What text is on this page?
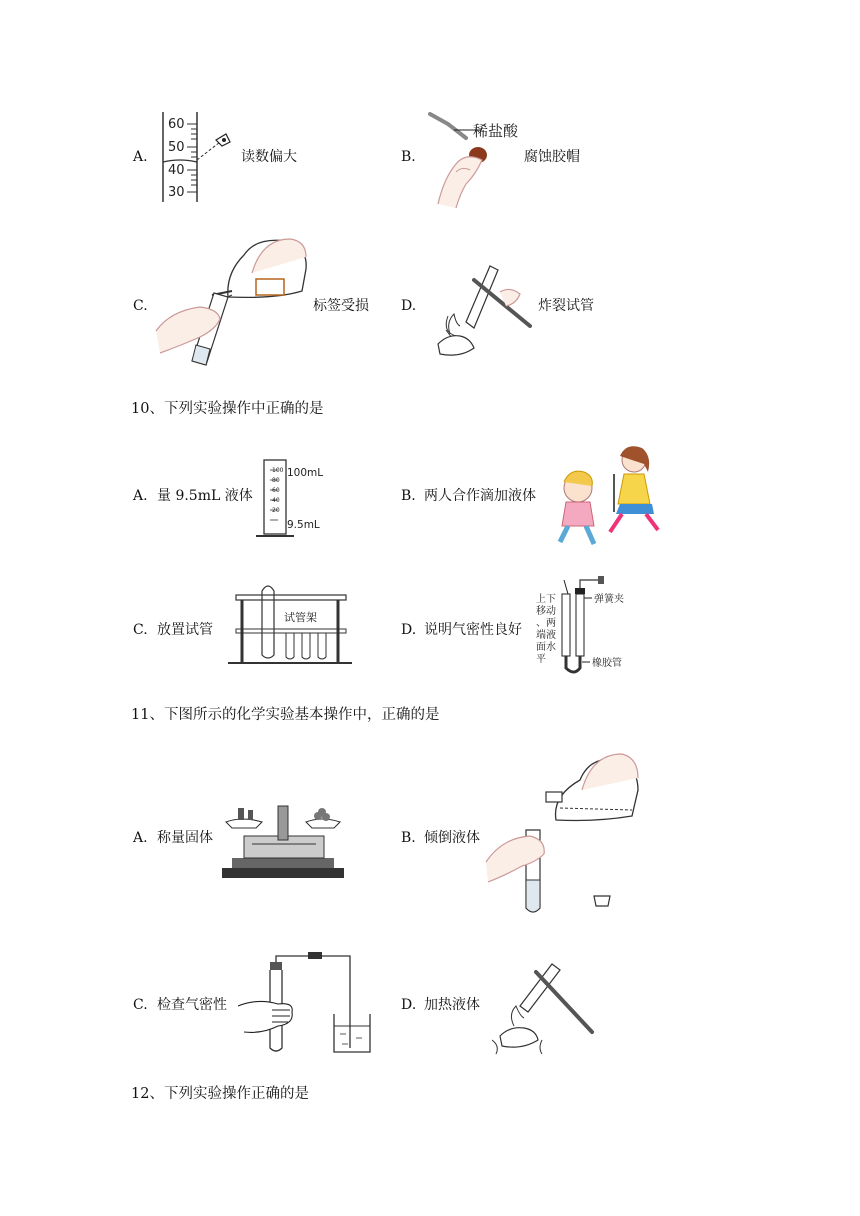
A.
60
50
40
30
读数偏大	B.
稀盐酸
腐蚀胶帽
C.	标签受损 D.	炸裂试管
10、下列实验操作中正确的是
A. 量 9.5mL 液体
100
80
60
40
20
100mL
9.5mL
B. 两人合作滴加液体
C. 放置试管
试管架
D. 说明气密性良好
上下
移动
、两
端液
面水
平
弹簧夹
橡胶管
11、下图所示的化学实验基本操作中，正确的是
A. 称量固体	B. 倾倒液体
C. 检查气密性	D. 加热液体
12、下列实验操作正确的是
